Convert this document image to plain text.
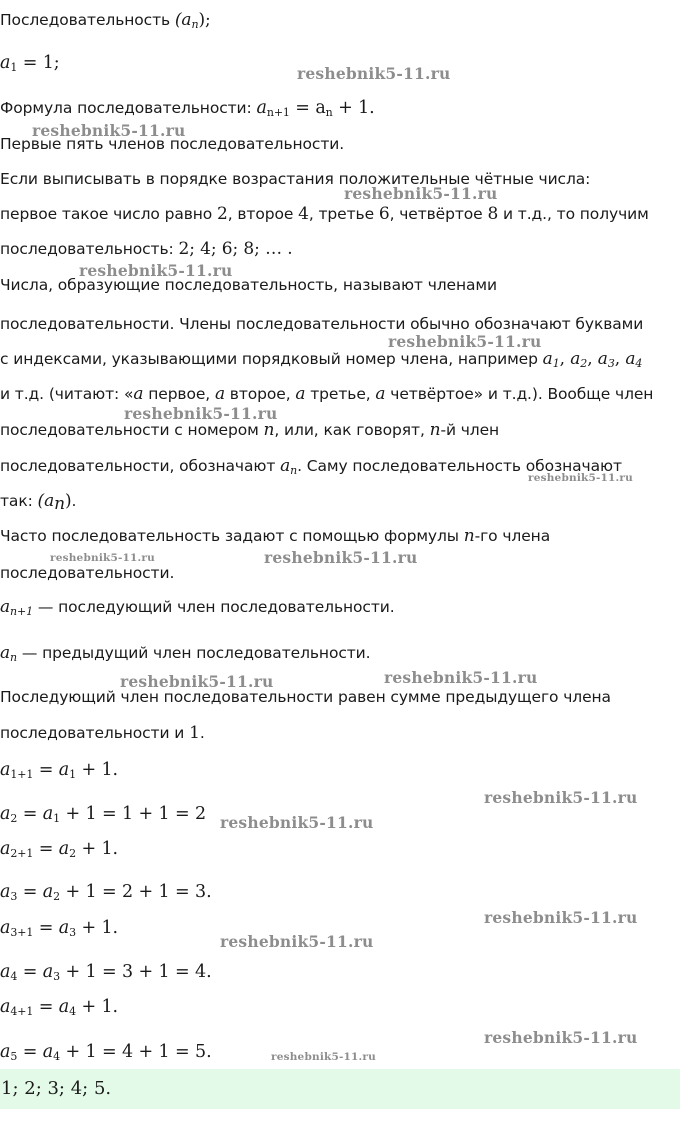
Последовательность $(a_n)$;
$a_1 = 1$;
Формула последовательности: $a_{n+1} = a_n + 1$.
Первые пять членов последовательности.
Если выписывать в порядке возрастания положительные чётные числа:
первое такое число равно 2, второе 4, третье 6, четвёртое 8 и т.д., то получим
последовательность: 2; 4; 6; 8; … .
Числа, образующие последовательность, называют членами
последовательности. Члены последовательности обычно обозначают буквами
с индексами, указывающими порядковый номер члена, например $a_1$, $a_2$, $a_3$, $a_4$
и т.д. (читают: «a первое, a второе, a третье, a четвёртое» и т.д.). Вообще член
последовательности с номером n, или, как говорят, n-й член
последовательности, обозначают $a_n$. Саму последовательность обозначают
так: $(a_n)$.
Часто последовательность задают с помощью формулы n-го члена
последовательности.
$a_{n+1}$ — последующий член последовательности.
$a_n$ — предыдущий член последовательности.
Последующий член последовательности равен сумме предыдущего члена
последовательности и 1.
$a_{1+1} = a_1 + 1$.
$a_2 = a_1 + 1 = 1 + 1 = 2$
$a_{2+1} = a_2 + 1$.
$a_3 = a_2 + 1 = 2 + 1 = 3$.
$a_{3+1} = a_3 + 1$.
$a_4 = a_3 + 1 = 3 + 1 = 4$.
$a_{4+1} = a_4 + 1$.
$a_5 = a_4 + 1 = 4 + 1 = 5$.
1; 2; 3; 4; 5.
reshebnik5-11.ru
reshebnik5-11.ru
reshebnik5-11.ru
reshebnik5-11.ru
reshebnik5-11.ru
reshebnik5-11.ru
reshebnik5-11.ru
reshebnik5-11.ru	reshebnik5-11.ru
reshebnik5-11.ru	reshebnik5-11.ru
reshebnik5-11.ru
reshebnik5-11.ru
reshebnik5-11.ru
reshebnik5-11.ru
reshebnik5-11.ru
reshebnik5-11.ru
